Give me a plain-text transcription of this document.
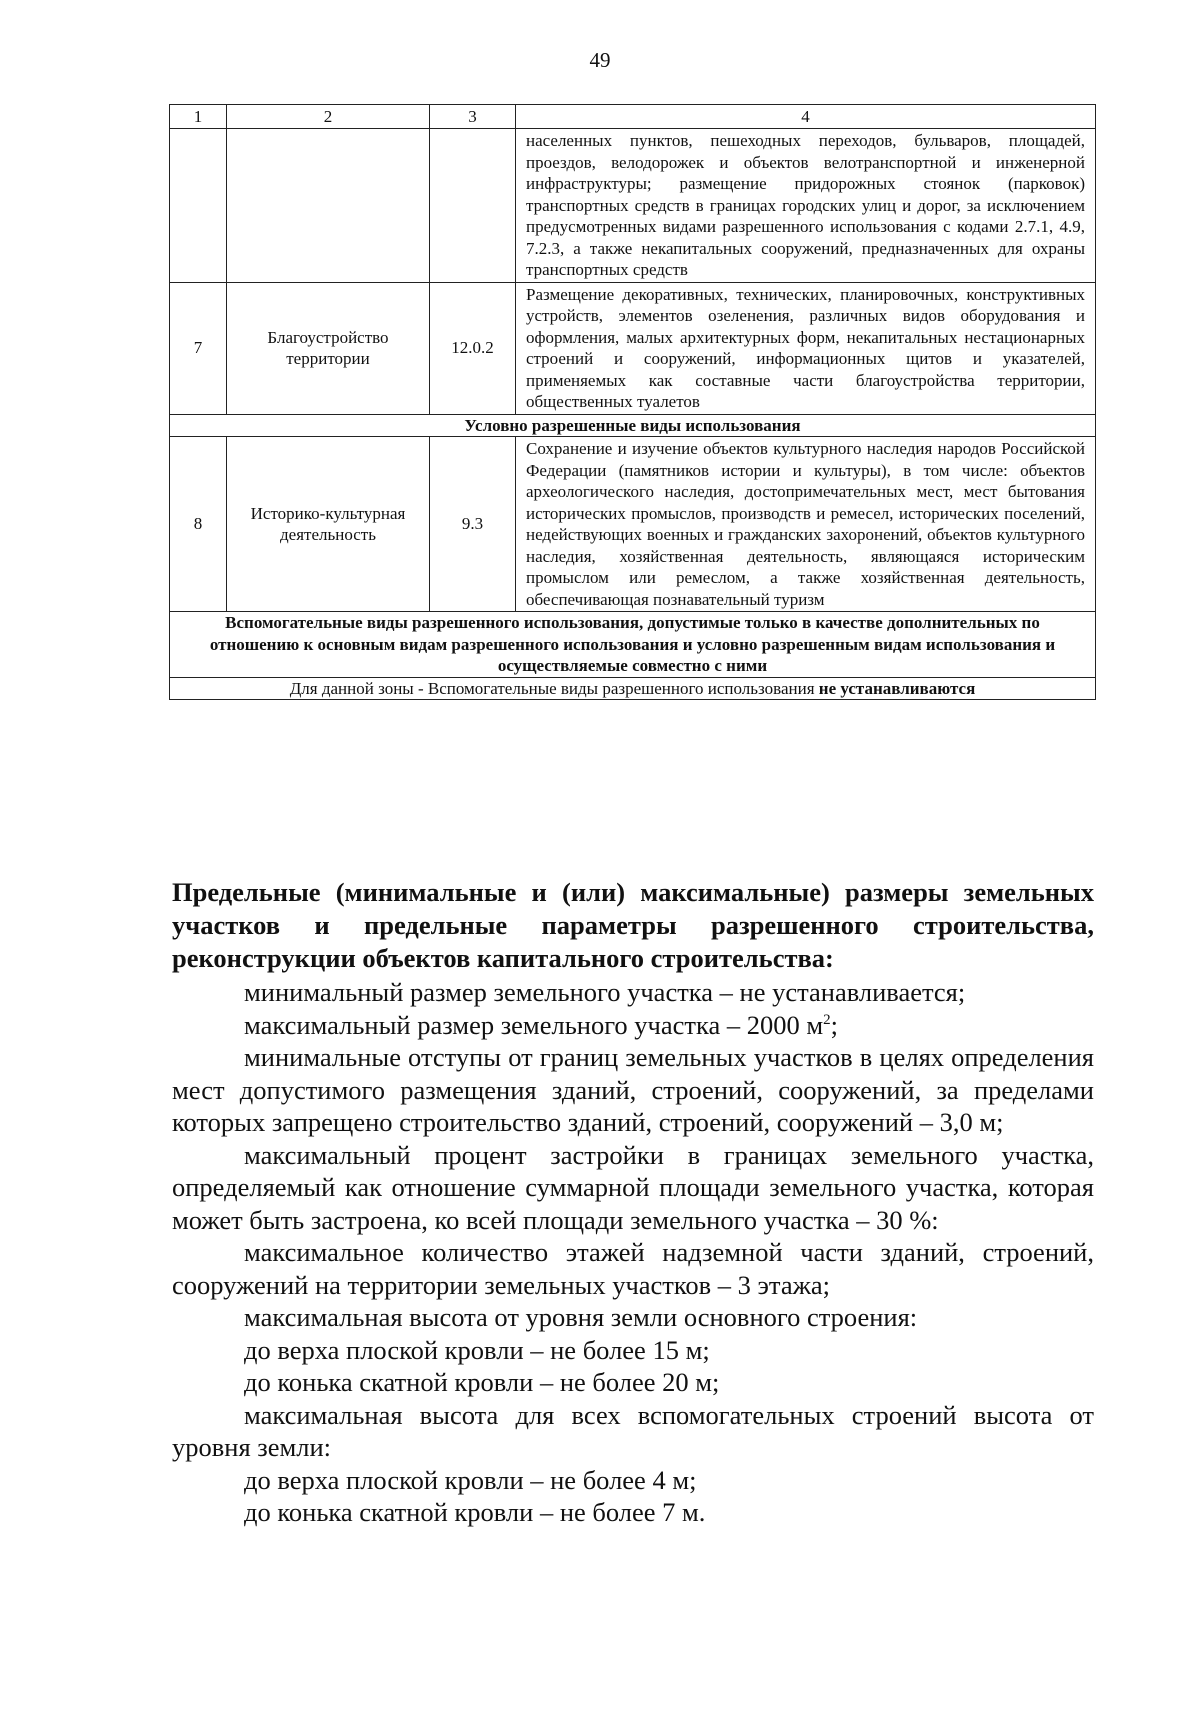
49
1	2	3	4
			населенных пунктов, пешеходных переходов, бульваров, площадей, проездов, велодорожек и объектов велотранспортной и инженерной инфраструктуры; размещение придорожных стоянок (парковок) транспортных средств в границах городских улиц и дорог, за исключением предусмотренных видами разрешенного использования с кодами 2.7.1, 4.9, 7.2.3, а также некапитальных сооружений, предназначенных для охраны транспортных средств
7	Благоустройство территории	12.0.2	Размещение декоративных, технических, планировочных, конструктивных устройств, элементов озеленения, различных видов оборудования и оформления, малых архитектурных форм, некапитальных нестационарных строений и сооружений, информационных щитов и указателей, применяемых как составные части благоустройства территории, общественных туалетов
Условно разрешенные виды использования			
8	Историко-культурная деятельность	9.3	Сохранение и изучение объектов культурного наследия народов Российской Федерации (памятников истории и культуры), в том числе: объектов археологического наследия, достопримечательных мест, мест бытования исторических промыслов, производств и ремесел, исторических поселений, недействующих военных и гражданских захоронений, объектов культурного наследия, хозяйственная деятельность, являющаяся историческим промыслом или ремеслом, а также хозяйственная деятельность, обеспечивающая познавательный туризм
Вспомогательные виды разрешенного использования, допустимые только в качестве дополнительных по отношению к основным видам разрешенного использования и условно разрешенным видам использования и осуществляемые совместно с ними			
Для данной зоны - Вспомогательные виды разрешенного использования не устанавливаются			

Предельные (минимальные и (или) максимальные) размеры земельных участков и предельные параметры разрешенного строительства, реконструкции объектов капитального строительства:

минимальный размер земельного участка – не устанавливается;

максимальный размер земельного участка – 2000 $м^2$;

минимальные отступы от границ земельных участков в целях определения мест допустимого размещения зданий, строений, сооружений, за пределами которых запрещено строительство зданий, строений, сооружений – 3,0 м;

максимальный процент застройки в границах земельного участка, определяемый как отношение суммарной площади земельного участка, которая может быть застроена, ко всей площади земельного участка – 30 %:

максимальное количество этажей надземной части зданий, строений, сооружений на территории земельных участков – 3 этажа;

максимальная высота от уровня земли основного строения:

до верха плоской кровли – не более 15 м;

до конька скатной кровли – не более 20 м;

максимальная высота для всех вспомогательных строений высота от уровня земли:

до верха плоской кровли – не более 4 м;

до конька скатной кровли – не более 7 м.
